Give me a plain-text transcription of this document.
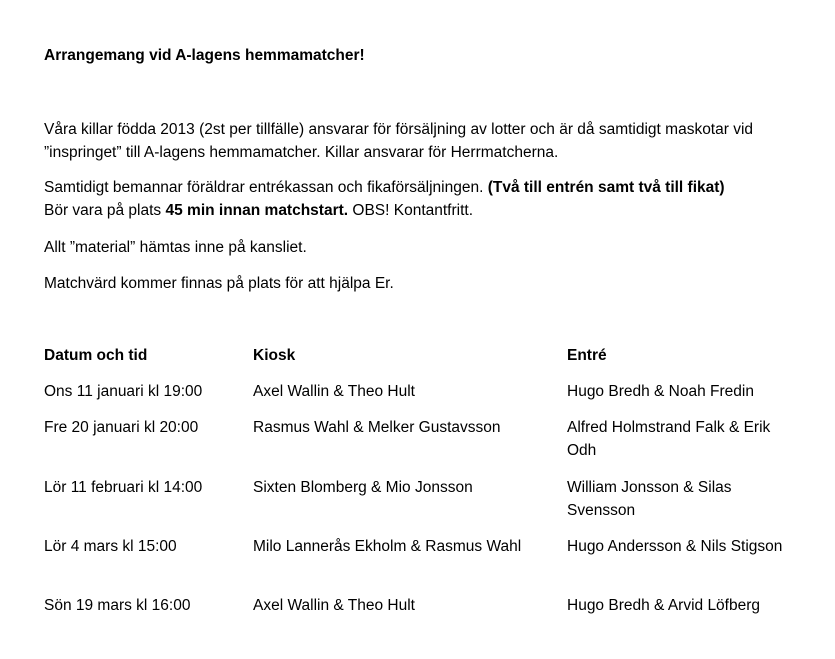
Arrangemang vid A-lagens hemmamatcher!

Våra killar födda 2013 (2st per tillfälle) ansvarar för försäljning av lotter och är då samtidigt maskotar vid ”inspringet” till A-lagens hemmamatcher. Killar ansvarar för Herrmatcherna.

Samtidigt bemannar föräldrar entrékassan och fikaförsäljningen. (Två till entrén samt två till fikat)
Bör vara på plats 45 min innan matchstart. OBS! Kontantfritt.

Allt ”material” hämtas inne på kansliet.

Matchvärd kommer finnas på plats för att hjälpa Er.

Datum och tid	Kiosk	Entré
Ons 11 januari kl 19:00	Axel Wallin & Theo Hult	Hugo Bredh & Noah Fredin
Fre 20 januari kl 20:00	Rasmus Wahl & Melker Gustavsson	Alfred Holmstrand Falk & Erik Odh
Lör 11 februari kl 14:00	Sixten Blomberg & Mio Jonsson	William Jonsson & Silas Svensson
Lör 4 mars kl 15:00	Milo Lannerås Ekholm & Rasmus Wahl	Hugo Andersson & Nils Stigson
Sön 19 mars kl 16:00	Axel Wallin & Theo Hult	Hugo Bredh & Arvid Löfberg
